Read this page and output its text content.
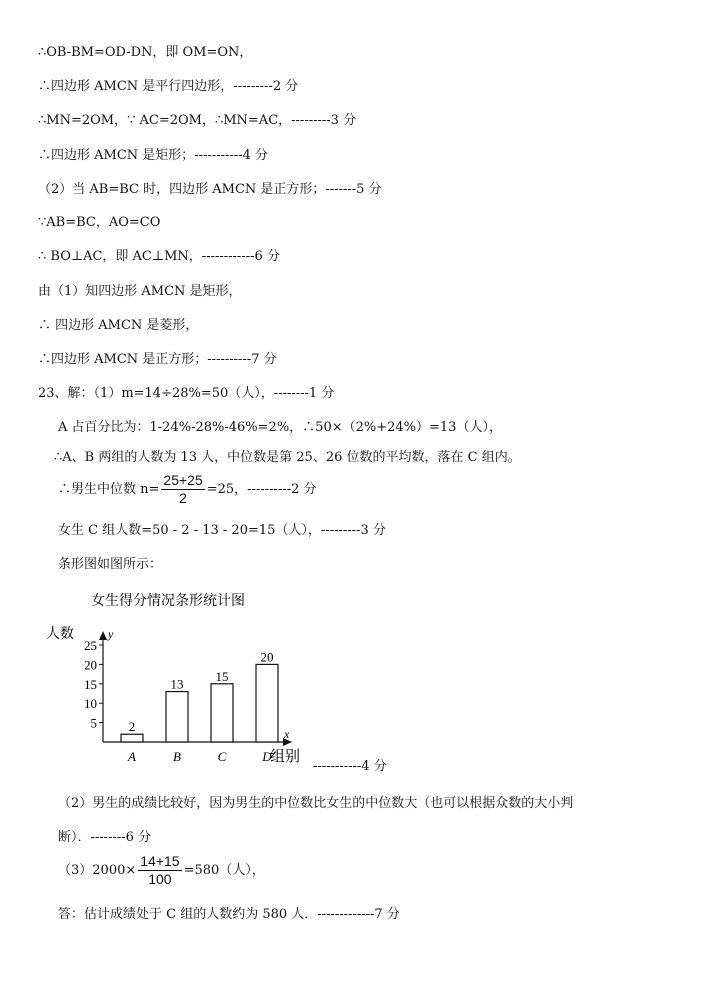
∴OB-BM=OD-DN，即 OM=ON，
∴四边形 AMCN 是平行四边形，---------2 分
∴MN=2OM，∵ AC=2OM，∴MN=AC，---------3 分
∴四边形 AMCN 是矩形；-----------4 分
（2）当 AB=BC 时，四边形 AMCN 是正方形；-------5 分
∵AB=BC，AO=CO
∴ BO⊥AC，即 AC⊥MN，------------6 分
由（1）知四边形 AMCN 是矩形，
∴ 四边形 AMCN 是菱形，
∴四边形 AMCN 是正方形；----------7 分
23、解：（1）m=14÷28%=50（人），--------1 分
A 占百分比为：1-24%-28%-46%=2%，∴50×（2%+24%）=13（人），
∴A、B 两组的人数为 13 人，中位数是第 25、26 位数的平均数，落在 C 组内。
∴男生中位数 $n= \frac{25+25}{2} =25$，----------2 分
女生 C 组人数=50 - 2 - 13 - 20=15（人），---------3 分
条形图如图所示：
女生得分情况条形统计图
人数	y
x
组别
5
10
15
20
25
2
A
13
B
15
C
20
D
-----------4 分
（2）男生的成绩比较好，因为男生的中位数比女生的中位数大（也可以根据众数的大小判
断）．--------6 分
$(3)2000\times \frac{14+15}{100} =580$（人），
答：估计成绩处于 C 组的人数约为 580 人．-------------7 分
